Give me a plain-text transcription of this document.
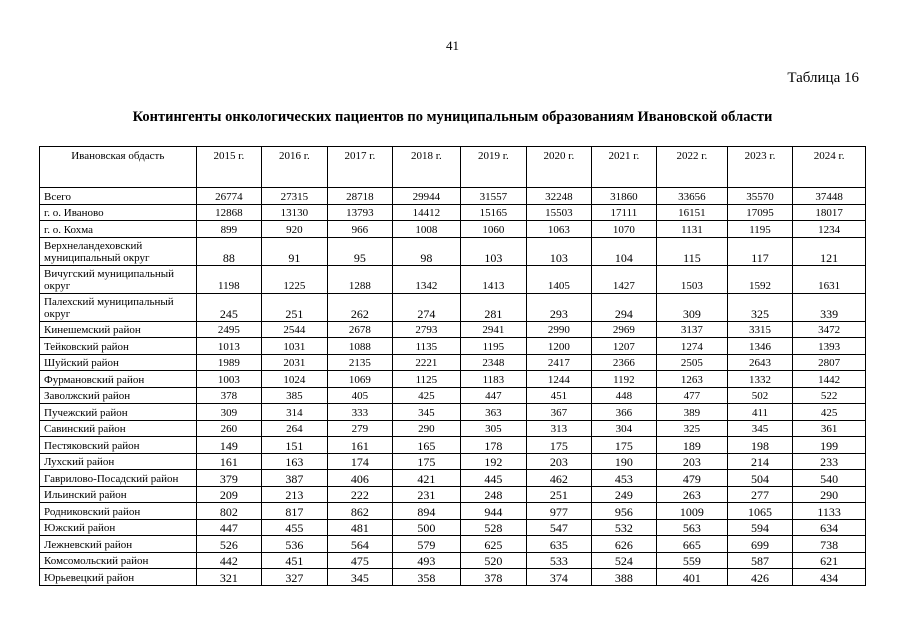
41
Таблица 16
Контингенты онкологических пациентов по муниципальным образованиям Ивановской области
Ивановская обдасть	2015 г.	2016 г.	2017 г.	2018 г.	2019 г.	2020 г.	2021 г.	2022 г.	2023 г.	2024 г.
Всего	26774	27315	28718	29944	31557	32248	31860	33656	35570	37448
г. о. Иваново	12868	13130	13793	14412	15165	15503	17111	16151	17095	18017
г. о. Кохма	899	920	966	1008	1060	1063	1070	1131	1195	1234
Верхнеландеховский муниципальный округ	88	91	95	98	103	103	104	115	117	121
Вичугский муниципальный округ	1198	1225	1288	1342	1413	1405	1427	1503	1592	1631
Палехский муниципальный округ	245	251	262	274	281	293	294	309	325	339
Кинешемский район	2495	2544	2678	2793	2941	2990	2969	3137	3315	3472
Тейковский район	1013	1031	1088	1135	1195	1200	1207	1274	1346	1393
Шуйский район	1989	2031	2135	2221	2348	2417	2366	2505	2643	2807
Фурмановский район	1003	1024	1069	1125	1183	1244	1192	1263	1332	1442
Заволжский район	378	385	405	425	447	451	448	477	502	522
Пучежский район	309	314	333	345	363	367	366	389	411	425
Савинский район	260	264	279	290	305	313	304	325	345	361
Пестяковский район	149	151	161	165	178	175	175	189	198	199
Лухский район	161	163	174	175	192	203	190	203	214	233
Гаврилово-Посадский район	379	387	406	421	445	462	453	479	504	540
Ильинский район	209	213	222	231	248	251	249	263	277	290
Родниковский район	802	817	862	894	944	977	956	1009	1065	1133
Южский район	447	455	481	500	528	547	532	563	594	634
Лежневский район	526	536	564	579	625	635	626	665	699	738
Комсомольский район	442	451	475	493	520	533	524	559	587	621
Юрьевецкий район	321	327	345	358	378	374	388	401	426	434
